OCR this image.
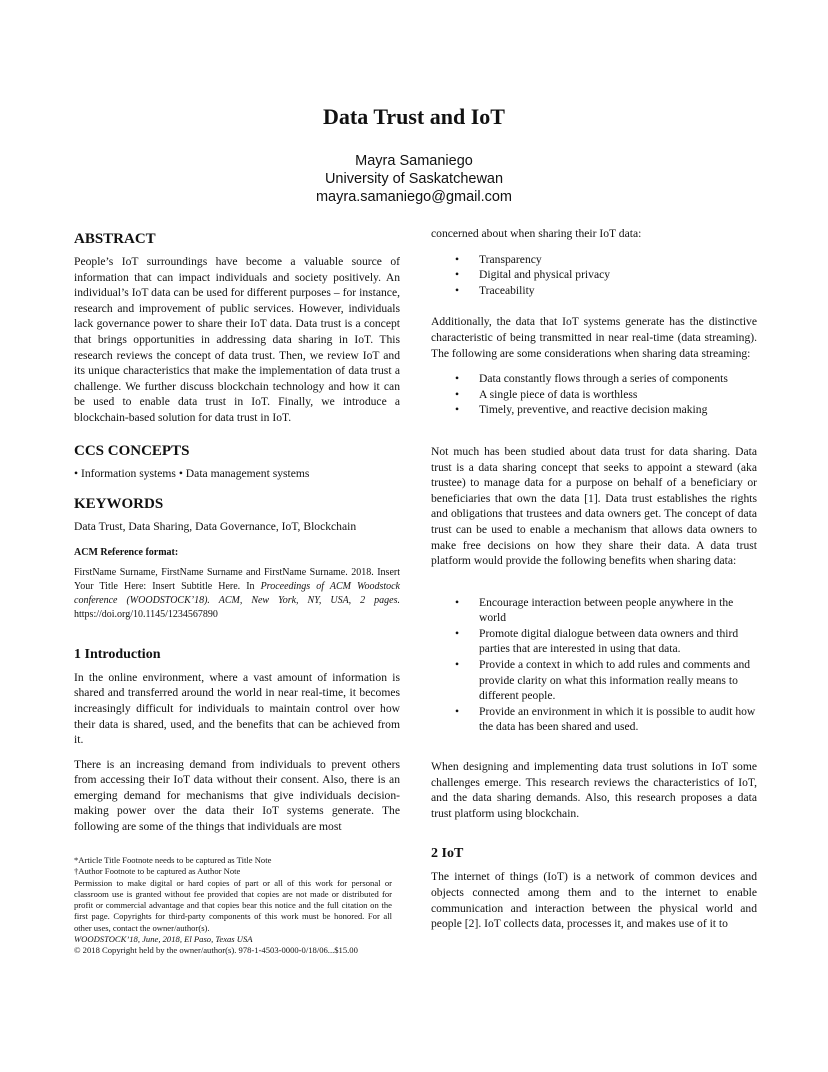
Data Trust and IoT
Mayra Samaniego
University of Saskatchewan
mayra.samaniego@gmail.com
ABSTRACT

People’s IoT surroundings have become a valuable source of information that can impact individuals and society positively. An individual’s IoT data can be used for different purposes – for instance, research and improvement of public services. However, individuals lack governance power to share their IoT data. Data trust is a concept that brings opportunities in addressing data sharing in IoT. This research reviews the concept of data trust. Then, we review IoT and its unique characteristics that make the implementation of data trust a challenge. We further discuss blockchain technology and how it can be used to enable data trust in IoT. Finally, we introduce a blockchain-based solution for data trust in IoT.

CCS CONCEPTS

• Information systems • Data management systems

KEYWORDS

Data Trust, Data Sharing, Data Governance, IoT, Blockchain

ACM Reference format:

FirstName Surname, FirstName Surname and FirstName Surname. 2018. Insert Your Title Here: Insert Subtitle Here. In Proceedings of ACM Woodstock conference (WOODSTOCK’18). ACM, New York, NY, USA, 2 pages. https://doi.org/10.1145/1234567890

1 Introduction

In the online environment, where a vast amount of information is shared and transferred around the world in near real-time, it becomes increasingly difficult for individuals to maintain control over how their data is shared, used, and the benefits that can be achieved from it.

There is an increasing demand from individuals to prevent others from accessing their IoT data without their consent. Also, there is an emerging demand for mechanisms that give individuals decision-making power over the data their IoT systems generate. The following are some of the things that individuals are most

*Article Title Footnote needs to be captured as Title Note

†Author Footnote to be captured as Author Note

Permission to make digital or hard copies of part or all of this work for personal or classroom use is granted without fee provided that copies are not made or distributed for profit or commercial advantage and that copies bear this notice and the full citation on the first page. Copyrights for third-party components of this work must be honored. For all other uses, contact the owner/author(s).

WOODSTOCK’18, June, 2018, El Paso, Texas USA

© 2018 Copyright held by the owner/author(s). 978-1-4503-0000-0/18/06...$15.00

concerned about when sharing their IoT data:

• Transparency
• Digital and physical privacy
• Traceability

Additionally, the data that IoT systems generate has the distinctive characteristic of being transmitted in near real-time (data streaming). The following are some considerations when sharing data streaming:

• Data constantly flows through a series of components
• A single piece of data is worthless
• Timely, preventive, and reactive decision making

Not much has been studied about data trust for data sharing. Data trust is a data sharing concept that seeks to appoint a steward (aka trustee) to manage data for a purpose on behalf of a beneficiary or beneficiaries that own the data [1]. Data trust establishes the rights and obligations that trustees and data owners get. The concept of data trust can be used to enable a mechanism that allows data owners to make free decisions on how they share their data. A data trust platform would provide the following benefits when sharing data:

• Encourage interaction between people anywhere in the world
• Promote digital dialogue between data owners and third parties that are interested in using that data.
• Provide a context in which to add rules and comments and provide clarity on what this information really means to different people.
• Provide an environment in which it is possible to audit how the data has been shared and used.

When designing and implementing data trust solutions in IoT some challenges emerge. This research reviews the characteristics of IoT, and the data sharing demands. Also, this research proposes a data trust platform using blockchain.

2 IoT

The internet of things (IoT) is a network of common devices and objects connected among them and to the internet to enable communication and interaction between the physical world and people [2]. IoT collects data, processes it, and makes use of it to
